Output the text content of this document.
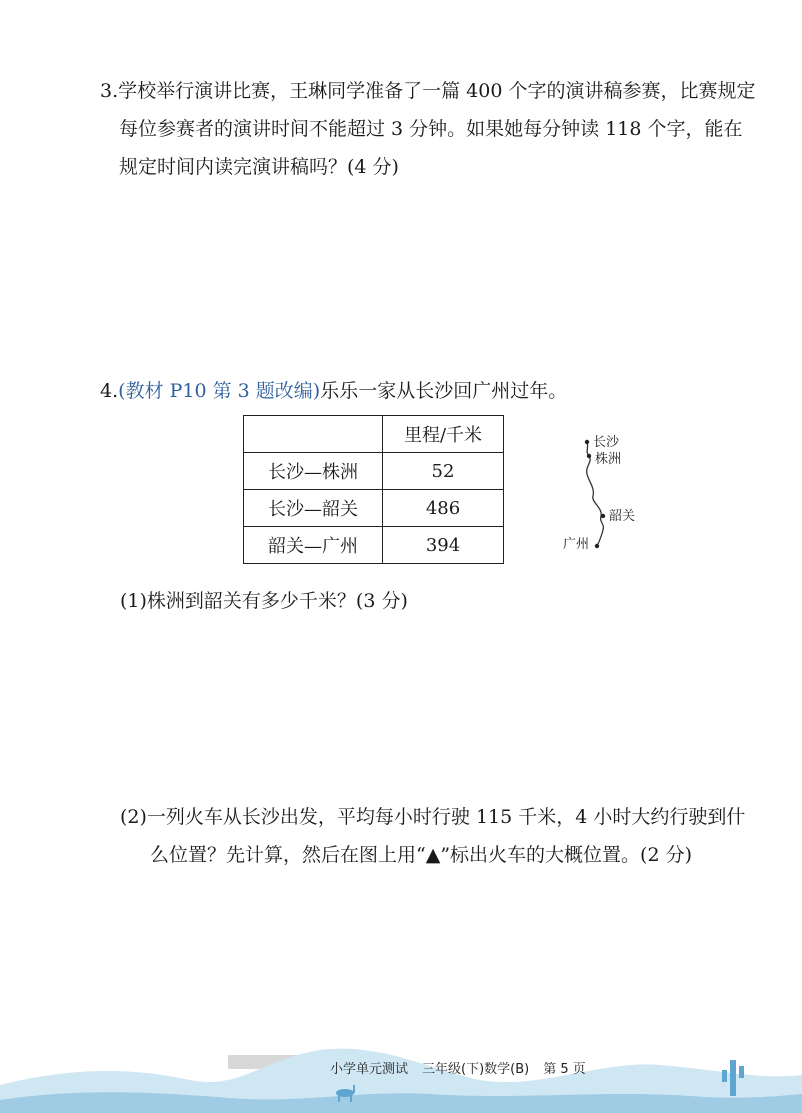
3.学校举行演讲比赛，王琳同学准备了一篇 400 个字的演讲稿参赛，比赛规定
每位参赛者的演讲时间不能超过 3 分钟。如果她每分钟读 118 个字，能在
规定时间内读完演讲稿吗？(4 分)
4.(教材 P10 第 3 题改编)乐乐一家从长沙回广州过年。
	里程/千米
长沙—株洲	52
长沙—韶关	486
韶关—广州	394
长沙
株洲
韶关
广州
(1)株洲到韶关有多少千米？(3 分)
(2)一列火车从长沙出发，平均每小时行驶 115 千米，4 小时大约行驶到什
么位置？先计算，然后在图上用“▲”标出火车的大概位置。(2 分)
小学单元测试 三年级(下)数学(B) 第 5 页
